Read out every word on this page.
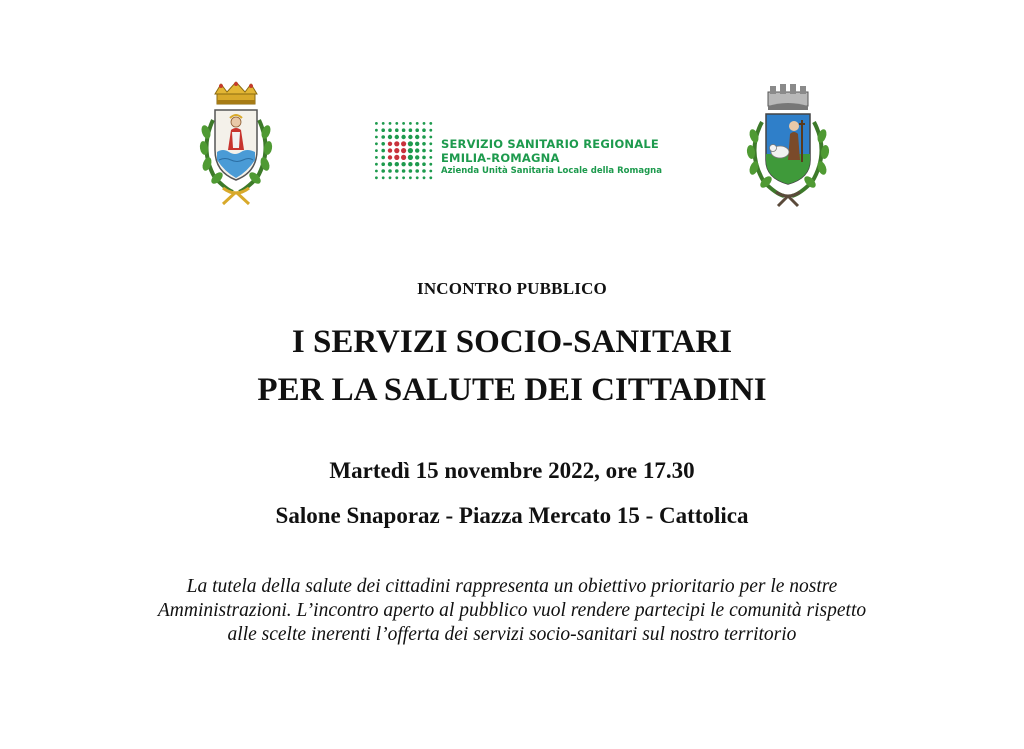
SERVIZIO SANITARIO REGIONALE
EMILIA-ROMAGNA
Azienda Unità Sanitaria Locale della Romagna
INCONTRO PUBBLICO
I SERVIZI SOCIO-SANITARI
PER LA SALUTE DEI CITTADINI
Martedì 15 novembre 2022, ore 17.30
Salone Snaporaz - Piazza Mercato 15 - Cattolica
La tutela della salute dei cittadini rappresenta un obiettivo prioritario per le nostre
Amministrazioni. L’incontro aperto al pubblico vuol rendere partecipi le comunità rispetto
alle scelte inerenti l’offerta dei servizi socio-sanitari sul nostro territorio
